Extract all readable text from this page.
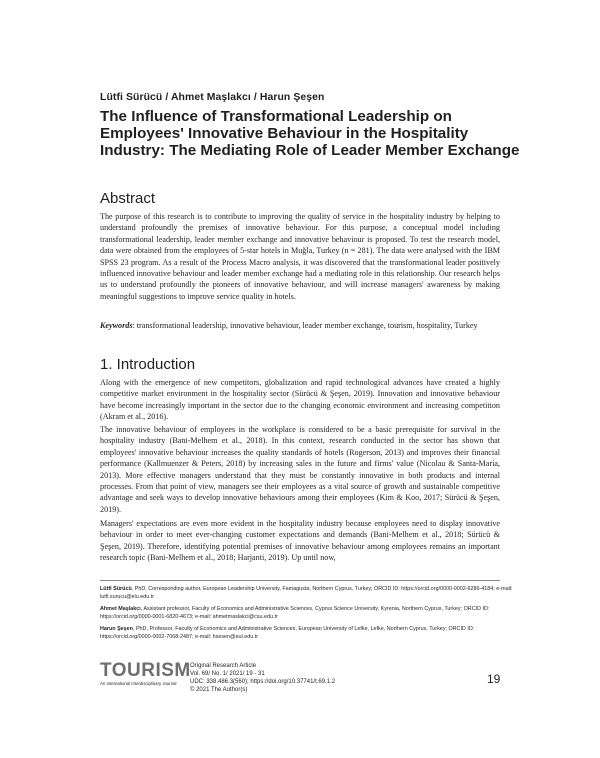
Lütfi Sürücü / Ahmet Maşlakcı / Harun Şeşen
The Influence of Transformational Leadership on Employees' Innovative Behaviour in the Hospitality Industry: The Mediating Role of Leader Member Exchange
Abstract

The purpose of this research is to contribute to improving the quality of service in the hospitality industry by helping to understand profoundly the premises of innovative behaviour. For this purpose, a conceptual model including transformational leadership, leader member exchange and innovative behaviour is proposed. To test the research model, data were obtained from the employees of 5-star hotels in Muğla, Turkey (n = 281). The data were analysed with the IBM SPSS 23 program. As a result of the Process Macro analysis, it was discovered that the transformational leader positively influenced innovative behaviour and leader member exchange had a mediating role in this relationship. Our research helps us to understand profoundly the pioneers of innovative behaviour, and will increase managers' awareness by making meaningful suggestions to improve service quality in hotels.

Keywords: transformational leadership, innovative behaviour, leader member exchange, tourism, hospitality, Turkey

1. Introduction

Along with the emergence of new competitors, globalization and rapid technological advances have created a highly competitive market environment in the hospitality sector (Sürücü & Şeşen, 2019). Innovation and innovative behaviour have become increasingly important in the sector due to the changing economic environment and increasing competition (Akram et al., 2016).

The innovative behaviour of employees in the workplace is considered to be a basic prerequisite for survival in the hospitality industry (Bani-Melhem et al., 2018). In this context, research conducted in the sector has shown that employees' innovative behaviour increases the quality standards of hotels (Rogerson, 2013) and improves their financial performance (Kallmuenzer & Peters, 2018) by increasing sales in the future and firms' value (Nicolau & Santa-María, 2013). More effective managers understand that they must be constantly innovative in both products and internal processes. From that point of view, managers see their employees as a vital source of growth and sustainable competitive advantage and seek ways to develop innovative behaviours among their employees (Kim & Koo, 2017; Sürücü & Şeşen, 2019).

Managers' expectations are even more evident in the hospitality industry because employees need to display innovative behaviour in order to meet ever-changing customer expectations and demands (Bani-Melhem et al., 2018; Sürücü & Şeşen, 2019). Therefore, identifying potential premises of innovative behaviour among employees remains an important research topic (Bani-Melhem et al., 2018; Harjanti, 2019). Up until now,

Lütfi Sürücü, PhD, Corresponding author, European Leadership University, Famagusta, Northern Cyprus, Turkey; ORCID ID: https://orcid.org/0000-0002-6286-4184; e-mail: lutfi.surucu@elu.edu.tr

Ahmet Maşlakcı, Assistant professor, Faculty of Economics and Administrative Sciences, Cyprus Science University, Kyrenia, Northern Cyprus, Turkey; ORCID ID: https://orcid.org/0000-0001-6820-4673; e-mail: ahmetmaslakci@csu.edu.tr

Harun Şeşen, PhD, Professor, Faculty of Economics and Administrative Sciences, European University of Lefke, Lefke, Northern Cyprus, Turkey; ORCID ID: https://orcid.org/0000-0002-7068-2487; e-mail: hsesen@eul.edu.tr

TOURISM
An International Interdisciplinary Journal
Original Research Article
Vol. 69/ No. 1/ 2021/ 19 - 31
UDC: 338.486.3(560); https://doi.org/10.37741/t.69.1.2
© 2021 The Author(s)
19
